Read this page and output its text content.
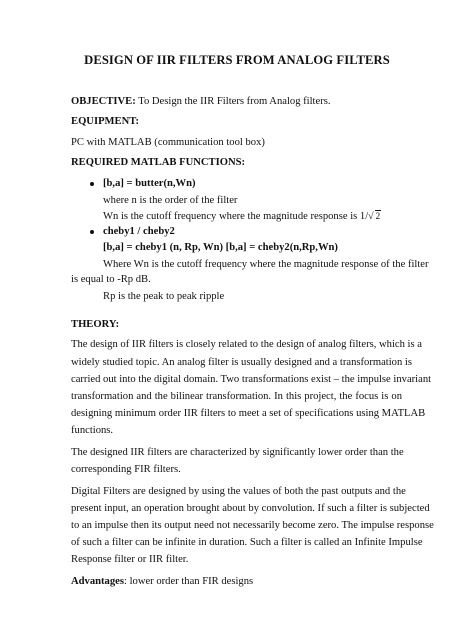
DESIGN OF IIR FILTERS FROM ANALOG FILTERS
OBJECTIVE: To Design the IIR Filters from Analog filters.
EQUIPMENT:
PC with MATLAB (communication tool box)
REQUIRED MATLAB FUNCTIONS:
[b,a] = butter(n,Wn)
where n is the order of the filter
Wn is the cutoff frequency where the magnitude response is 1/√ 2
cheby1 / cheby2
[b,a] = cheby1 (n, Rp, Wn) [b,a] = cheby2(n,Rp,Wn)
Where Wn is the cutoff frequency where the magnitude response of the filter
is equal to -Rp dB.
Rp is the peak to peak ripple
THEORY:
The design of IIR filters is closely related to the design of analog filters, which is a
widely studied topic. An analog filter is usually designed and a transformation is
carried out into the digital domain. Two transformations exist – the impulse invariant
transformation and the bilinear transformation. In this project, the focus is on
designing minimum order IIR filters to meet a set of specifications using MATLAB
functions.
The designed IIR filters are characterized by significantly lower order than the
corresponding FIR filters.
Digital Filters are designed by using the values of both the past outputs and the
present input, an operation brought about by convolution. If such a filter is subjected
to an impulse then its output need not necessarily become zero. The impulse response
of such a filter can be infinite in duration. Such a filter is called an Infinite Impulse
Response filter or IIR filter.
Advantages: lower order than FIR designs
